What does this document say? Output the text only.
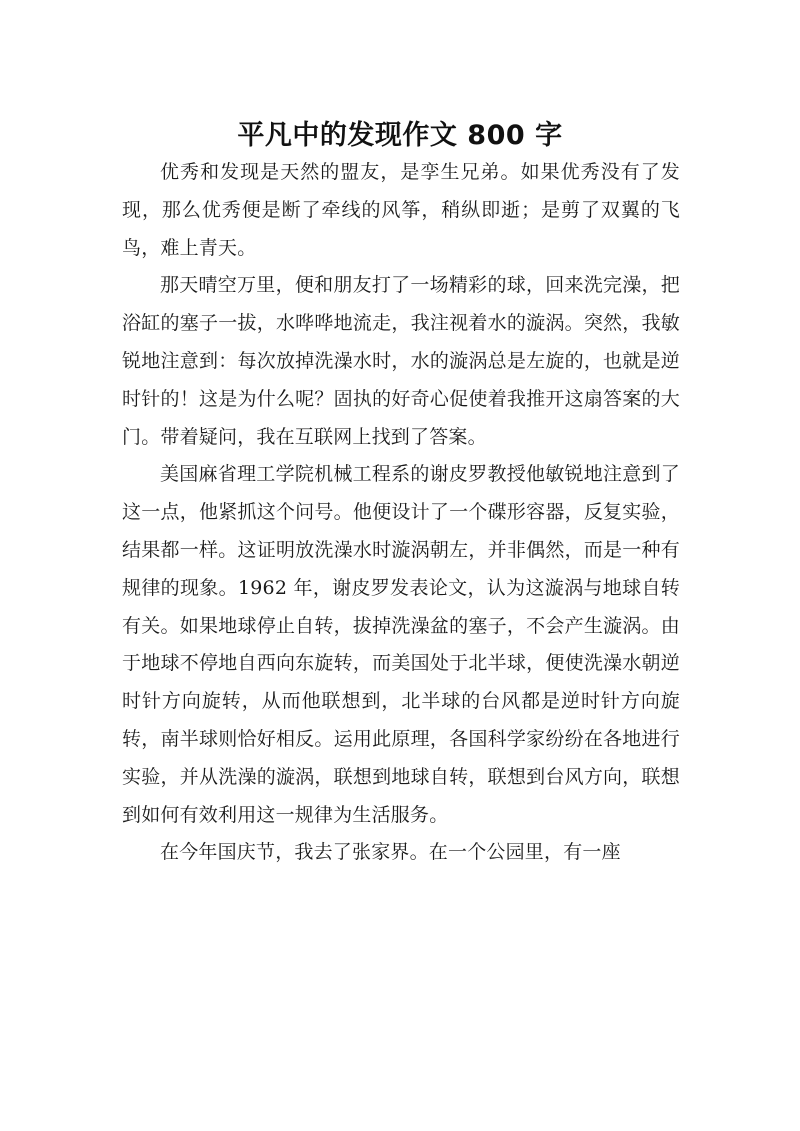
平凡中的发现作文 800 字

优秀和发现是天然的盟友，是孪生兄弟。如果优秀没有了发现，那么优秀便是断了牵线的风筝，稍纵即逝；是剪了双翼的飞鸟，难上青天。

那天晴空万里，便和朋友打了一场精彩的球，回来洗完澡，把浴缸的塞子一拔，水哗哗地流走，我注视着水的漩涡。突然，我敏锐地注意到：每次放掉洗澡水时，水的漩涡总是左旋的，也就是逆时针的！这是为什么呢？固执的好奇心促使着我推开这扇答案的大门。带着疑问，我在互联网上找到了答案。

美国麻省理工学院机械工程系的谢皮罗教授他敏锐地注意到了这一点，他紧抓这个问号。他便设计了一个碟形容器，反复实验，结果都一样。这证明放洗澡水时漩涡朝左，并非偶然，而是一种有规律的现象。1962 年，谢皮罗发表论文，认为这漩涡与地球自转有关。如果地球停止自转，拔掉洗澡盆的塞子，不会产生漩涡。由于地球不停地自西向东旋转，而美国处于北半球，便使洗澡水朝逆时针方向旋转，从而他联想到，北半球的台风都是逆时针方向旋转，南半球则恰好相反。运用此原理，各国科学家纷纷在各地进行实验，并从洗澡的漩涡，联想到地球自转，联想到台风方向，联想到如何有效利用这一规律为生活服务。

在今年国庆节，我去了张家界。在一个公园里，有一座
